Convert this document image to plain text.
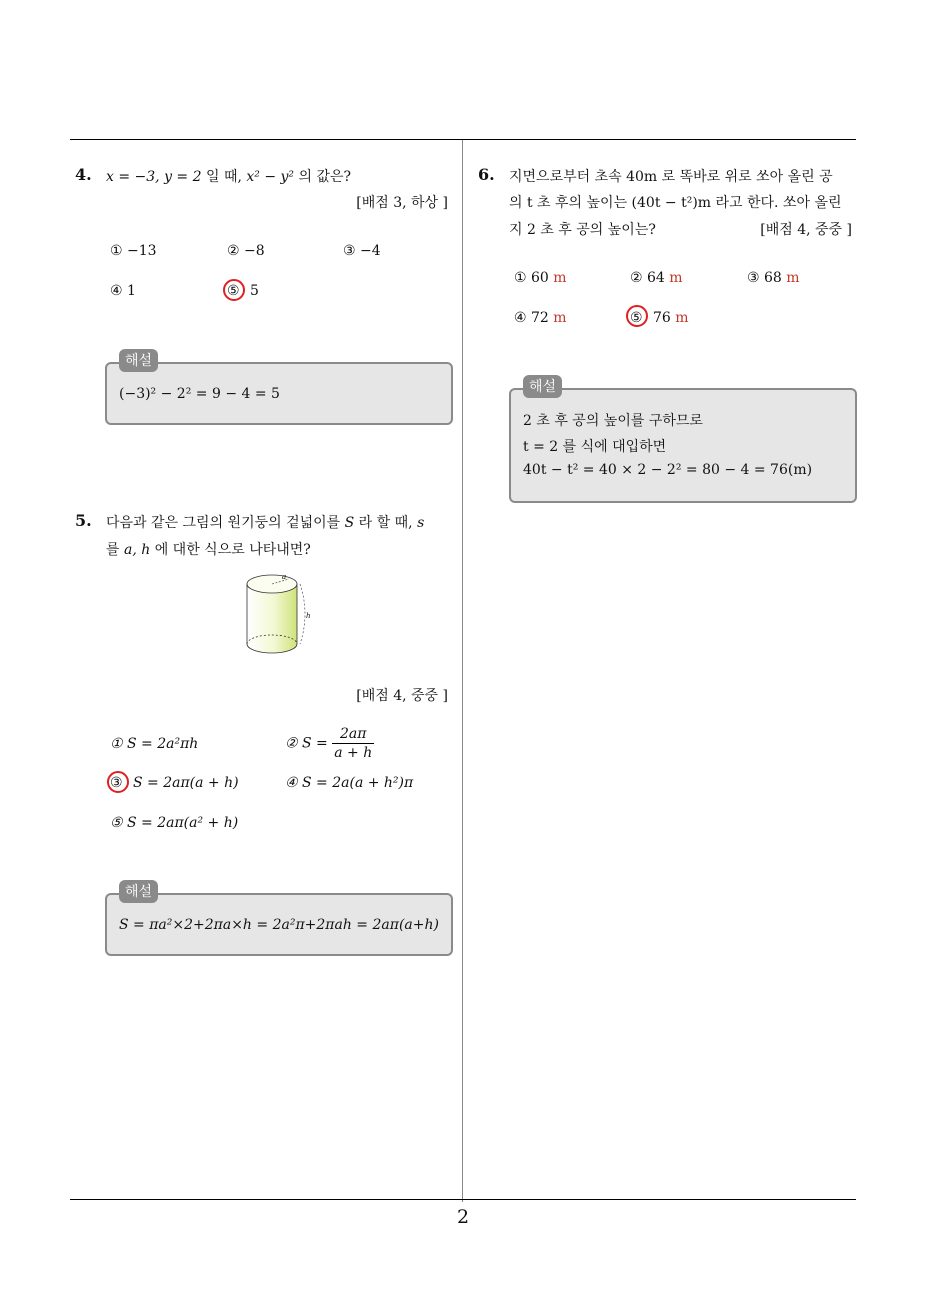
2
4. x = −3, y = 2 일 때, x² − y² 의 값은?
[배점 3, 하상 ]
① −13	② −8	③ −4
④ 1	⑤ 5
(−3)² − 2² = 9 − 4 = 5
해설
5. 다음과 같은 그림의 원기둥의 겉넓이를 S 라 할 때, s
를 a, h 에 대한 식으로 나타내면?
a
h
[배점 4, 중중 ]
① S = 2a²πh	② $S = \frac{2a\pi}{a + h}$
③ S = 2aπ(a + h)	④ S = 2a(a + h²)π
⑤ S = 2aπ(a² + h)
S = πa²×2+2πa×h = 2a²π+2πah = 2aπ(a+h)
해설
6. 지면으로부터 초속 40m 로 똑바로 위로 쏘아 올린 공
의 t 초 후의 높이는 (40t − t²)m 라고 한다. 쏘아 올린
지 2 초 후 공의 높이는?	[배점 4, 중중 ]
① 60 m	② 64 m	③ 68 m
④ 72 m	⑤ 76 m
2 초 후 공의 높이를 구하므로
t = 2 를 식에 대입하면
40t − t² = 40 × 2 − 2² = 80 − 4 = 76(m)
해설
